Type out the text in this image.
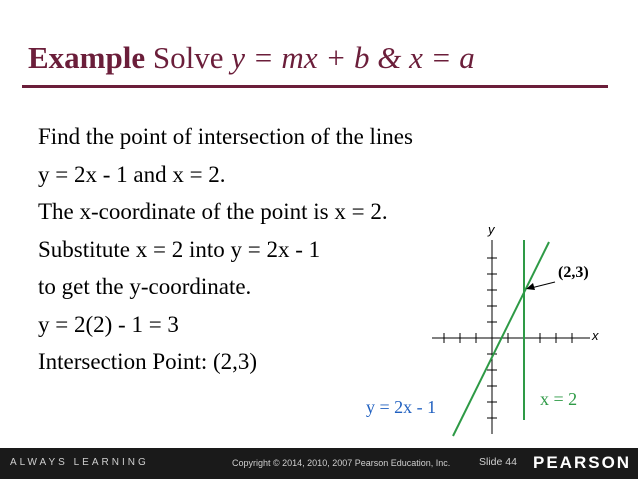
Example Solve y = mx + b & x = a
Find the point of intersection of the lines
y = 2x - 1 and x = 2.
The x-coordinate of the point is x = 2.
Substitute x = 2 into y = 2x - 1
to get the y-coordinate.
y = 2(2) - 1 = 3
Intersection Point: (2,3)
y
x
(2,3)
y = 2x - 1	x = 2
ALWAYS LEARNING	Copyright © 2014, 2010, 2007 Pearson Education, Inc.	Slide 44 PEARSON
